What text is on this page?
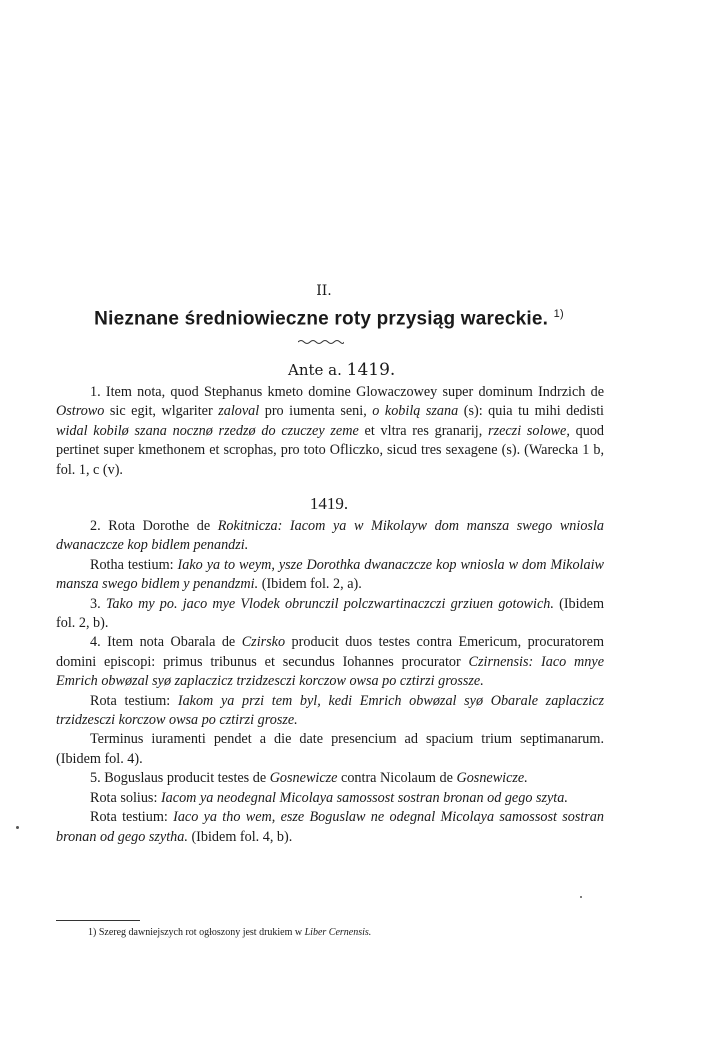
II.
Nieznane średniowieczne roty przysiąg wareckie. $^{1)}$
Ante a. 1419.

1. Item nota, quod Stephanus kmeto domine Glowaczowey super dominum Indrzich de Ostrowo sic egit, wlgariter zaloval pro iumenta seni, o kobilą szana (s): quia tu mihi dedisti widal kobilø szana nocznø rzedzø do czuczey zeme et vltra res granarij, rzeczi solowe, quod pertinet super kmethonem et scrophas, pro toto Ofliczko, sicud tres sexagene (s). (Warecka 1 b, fol. 1, c (v).

1419.

2. Rota Dorothe de Rokitnicza: Iacom ya w Mikolayw dom mansza swego wniosla dwanaczcze kop bidlem penandzi.

Rotha testium: Iako ya to weym, ysze Dorothka dwanaczcze kop wniosla w dom Mikolaiw mansza swego bidlem y penandzmi. (Ibidem fol. 2, a).

3. Tako my po. jaco mye Vlodek obrunczil polczwartinaczczi grziuen gotowich. (Ibidem fol. 2, b).

4. Item nota Obarala de Czirsko producit duos testes contra Emericum, procuratorem domini episcopi: primus tribunus et secundus Iohannes procurator Czirnensis: Iaco mnye Emrich obwøzal syø zaplaczicz trzidzesczi korczow owsa po cztirzi grossze.

Rota testium: Iakom ya przi tem byl, kedi Emrich obwøzal syø Obarale zaplaczicz trzidzesczi korczow owsa po cztirzi grosze.

Terminus iuramenti pendet a die date presencium ad spacium trium septimanarum. (Ibidem fol. 4).

5. Boguslaus producit testes de Gosnewicze contra Nicolaum de Gosnewicze.

Rota solius: Iacom ya neodegnal Micolaya samossost sostran bronan od gego szyta.

Rota testium: Iaco ya tho wem, esze Boguslaw ne odegnal Micolaya samossost sostran bronan od gego szytha. (Ibidem fol. 4, b).

1) Szereg dawniejszych rot ogłoszony jest drukiem w Liber Cernensis.
